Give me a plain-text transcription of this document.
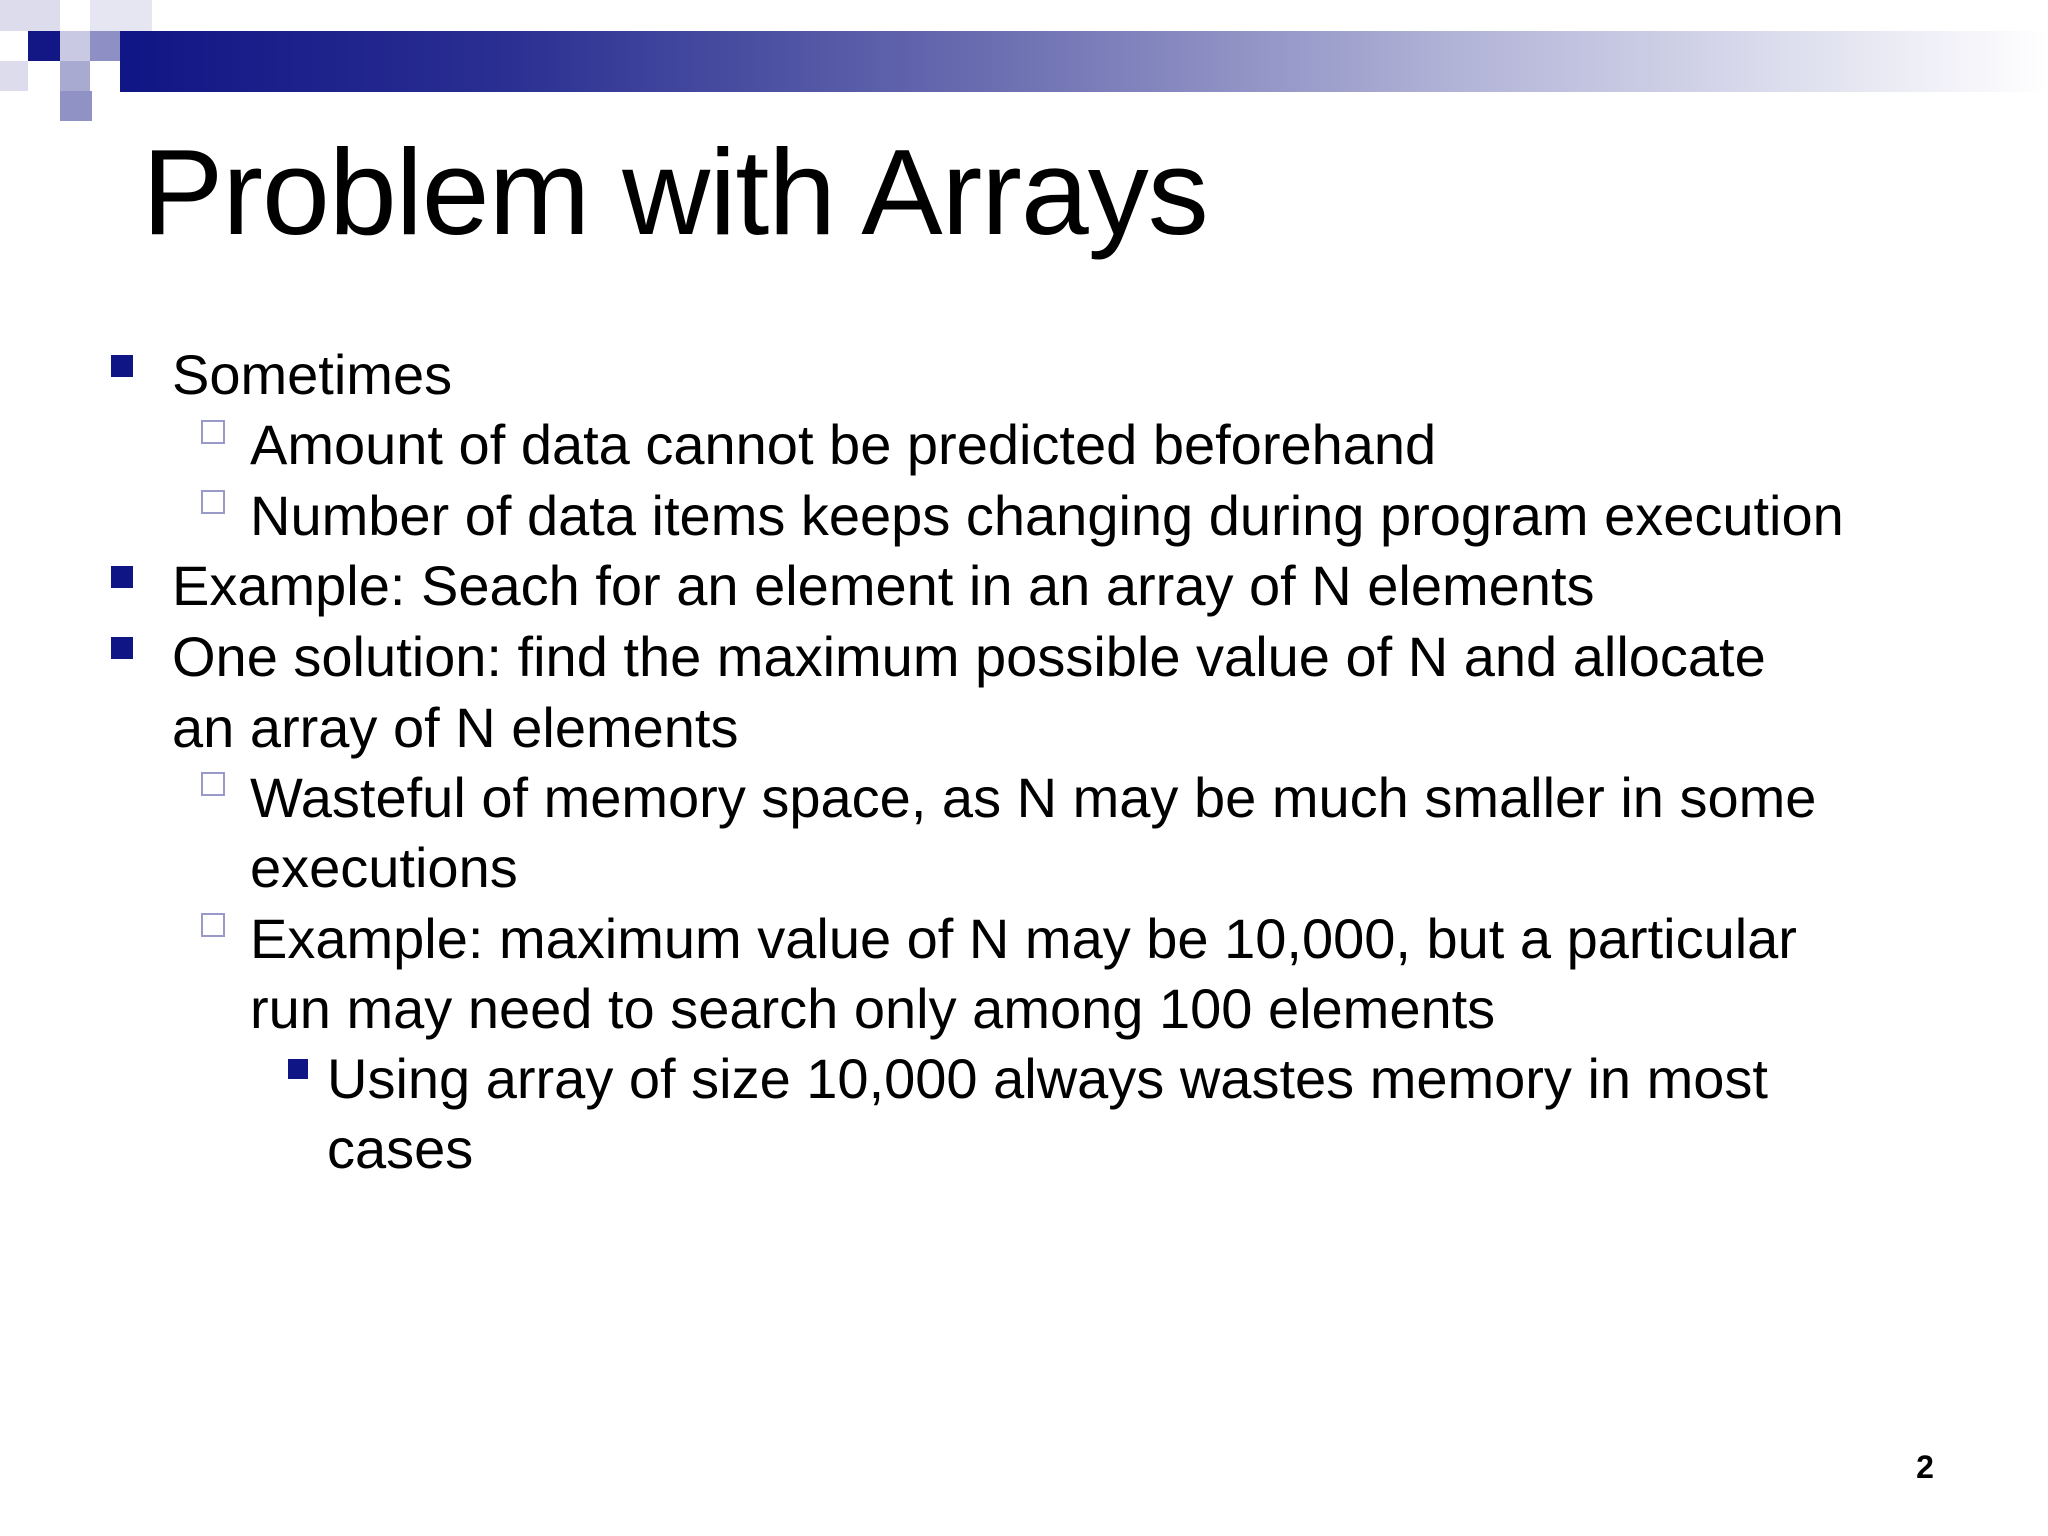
Problem with Arrays
Sometimes
Amount of data cannot be predicted beforehand
Number of data items keeps changing during program execution
Example: Seach for an element in an array of N elements
One solution: find the maximum possible value of N and allocate
an array of N elements
Wasteful of memory space, as N may be much smaller in some
executions
Example: maximum value of N may be 10,000, but a particular
run may need to search only among 100 elements
Using array of size 10,000 always wastes memory in most
cases
2
